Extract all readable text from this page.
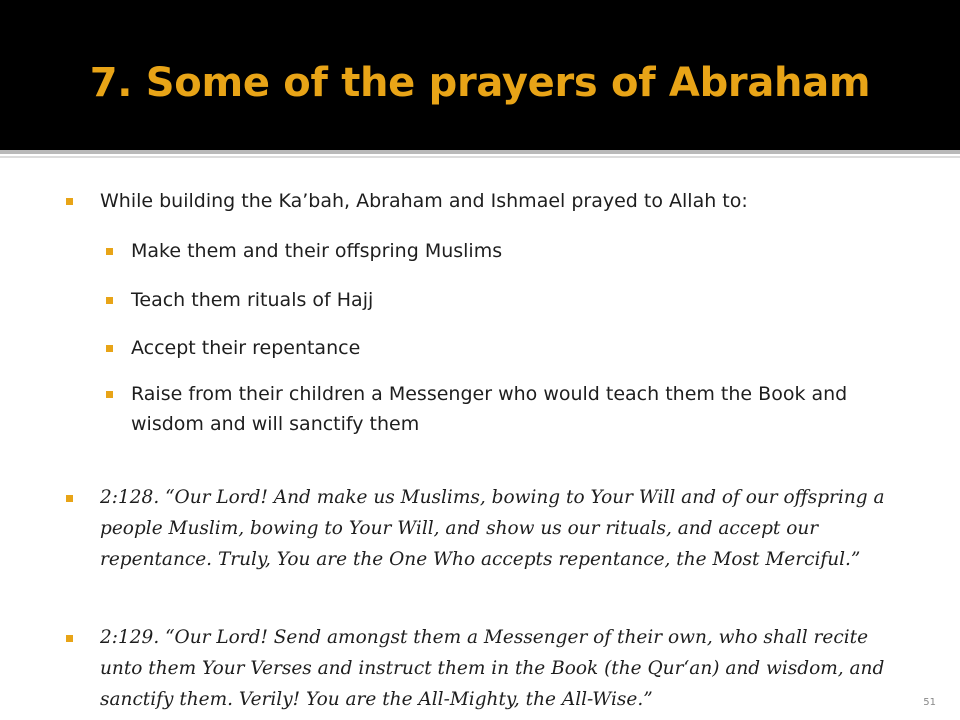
7. Some of the prayers of Abraham
While building the Ka’bah, Abraham and Ishmael prayed to Allah to:
Make them and their offspring Muslims
Teach them rituals of Hajj
Accept their repentance
Raise from their children a Messenger who would teach them the Book and wisdom and will sanctify them
2:128. “Our Lord! And make us Muslims, bowing to Your Will and of our offspring a people Muslim, bowing to Your Will, and show us our rituals, and accept our repentance. Truly, You are the One Who accepts repentance, the Most Merciful.”
2:129. “Our Lord! Send amongst them a Messenger of their own, who shall recite unto them Your Verses and instruct them in the Book (the Qur‘an) and wisdom, and sanctify them. Verily! You are the All-Mighty, the All-Wise.”	51
